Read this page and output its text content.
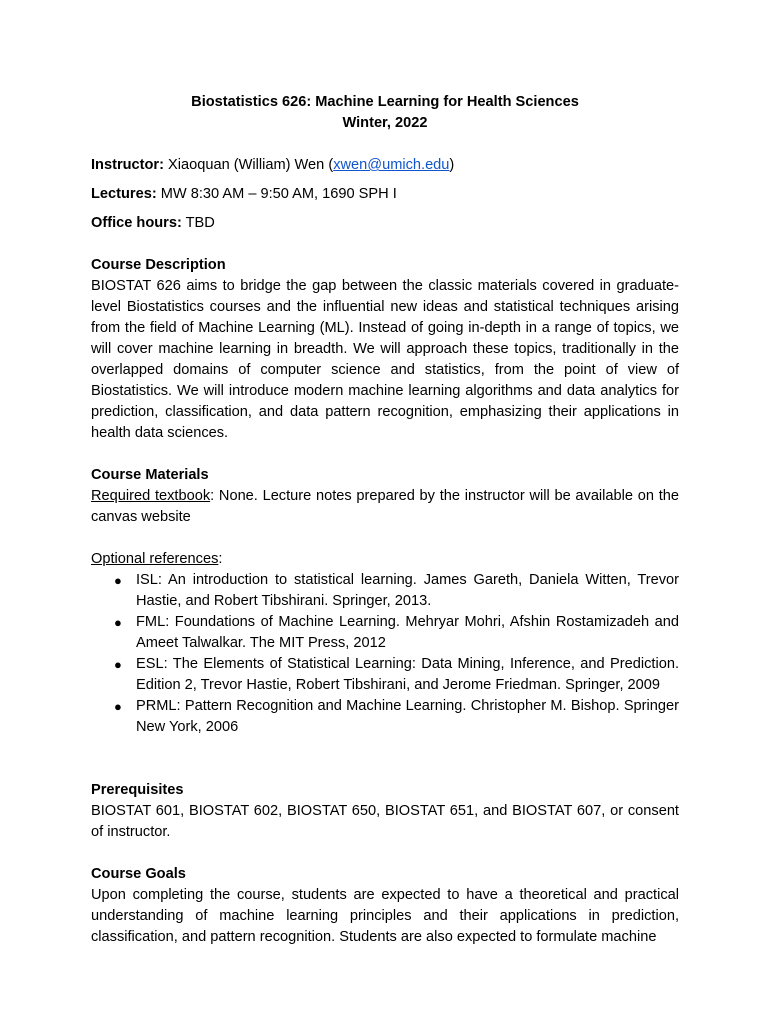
Biostatistics 626: Machine Learning for Health Sciences
Winter, 2022
Instructor: Xiaoquan (William) Wen (xwen@umich.edu)
Lectures: MW 8:30 AM – 9:50 AM, 1690 SPH I
Office hours: TBD
Course Description

BIOSTAT 626 aims to bridge the gap between the classic materials covered in graduate-level Biostatistics courses and the influential new ideas and statistical techniques arising from the field of Machine Learning (ML). Instead of going in-depth in a range of topics, we will cover machine learning in breadth. We will approach these topics, traditionally in the overlapped domains of computer science and statistics, from the point of view of Biostatistics. We will introduce modern machine learning algorithms and data analytics for prediction, classification, and data pattern recognition, emphasizing their applications in health data sciences.

Course Materials

Required textbook: None. Lecture notes prepared by the instructor will be available on the canvas website

Optional references:

● ISL: An introduction to statistical learning. James Gareth, Daniela Witten, Trevor Hastie, and Robert Tibshirani. Springer, 2013.
● FML: Foundations of Machine Learning. Mehryar Mohri, Afshin Rostamizadeh and Ameet Talwalkar. The MIT Press, 2012
● ESL: The Elements of Statistical Learning: Data Mining, Inference, and Prediction. Edition 2, Trevor Hastie, Robert Tibshirani, and Jerome Friedman. Springer, 2009
● PRML: Pattern Recognition and Machine Learning. Christopher M. Bishop. Springer New York, 2006
Prerequisites

BIOSTAT 601, BIOSTAT 602, BIOSTAT 650, BIOSTAT 651, and BIOSTAT 607, or consent of instructor.

Course Goals

Upon completing the course, students are expected to have a theoretical and practical understanding of machine learning principles and their applications in prediction, classification, and pattern recognition. Students are also expected to formulate machine
